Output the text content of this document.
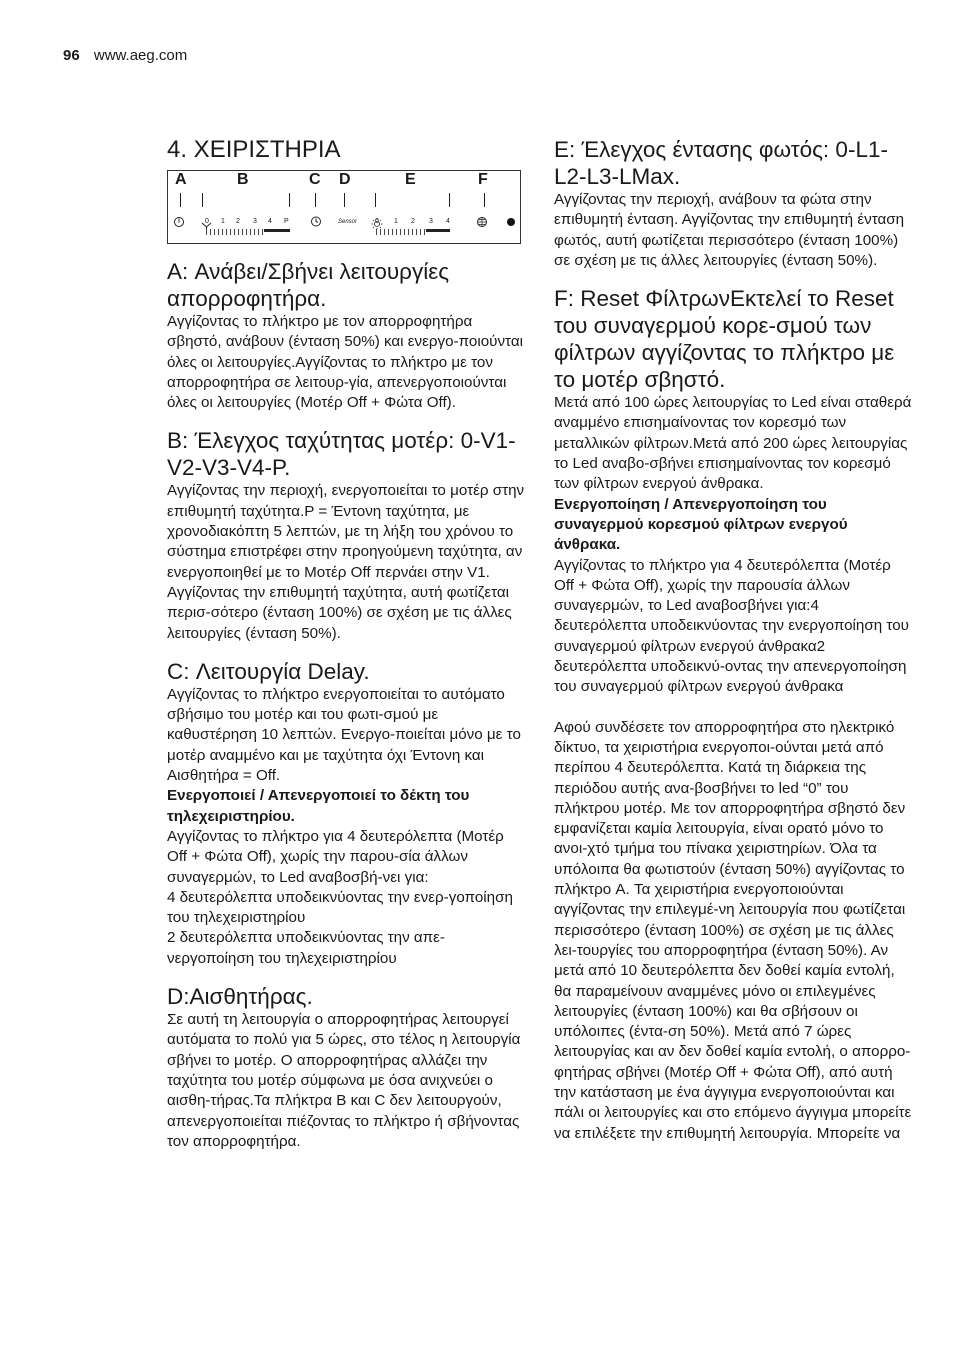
96 www.aeg.com
4. ΧΕΙΡΙΣΤΗΡΙΑ
A	B	C D	E	F
0 1 2 3 4 P	Sensor	0 1 2 3 4
A: Ανάβει/Σβήνει λειτουργίες απορροφητήρα.

Αγγίζοντας το πλήκτρο με τον απορροφητήρα σβηστό, ανάβουν (ένταση 50%) και ενεργο-ποιούνται όλες οι λειτουργίες.Αγγίζοντας το πλήκτρο με τον απορροφητήρα σε λειτουρ-γία, απενεργοποιούνται όλες οι λειτουργίες (Μοτέρ Off + Φώτα Off).

B: Έλεγχος ταχύτητας μοτέρ: 0-V1-V2-V3-V4-P.

Αγγίζοντας την περιοχή, ενεργοποιείται το μοτέρ στην επιθυμητή ταχύτητα.P = Έντονη ταχύτητα, με χρονοδιακόπτη 5 λεπτών, με τη λήξη του χρόνου το σύστημα επιστρέφει στην προηγούμενη ταχύτητα, αν ενεργοποιηθεί με το Μοτέρ Off περνάει στην V1. Αγγίζοντας την επιθυμητή ταχύτητα, αυτή φωτίζεται περισ-σότερο (ένταση 100%) σε σχέση με τις άλλες λειτουργίες (ένταση 50%).

C: Λειτουργία Delay.

Αγγίζοντας το πλήκτρο ενεργοποιείται το αυτόματο σβήσιμο του μοτέρ και του φωτι-σμού με καθυστέρηση 10 λεπτών. Ενεργο-ποιείται μόνο με το μοτέρ αναμμένο και με ταχύτητα όχι Έντονη και Αισθητήρα = Off.

Ενεργοποιεί / Απενεργοποιεί το δέκτη του τηλεχειριστηρίου.

Αγγίζοντας το πλήκτρο για 4 δευτερόλεπτα (Μοτέρ Off + Φώτα Off), χωρίς την παρου-σία άλλων συναγερμών, το Led αναβοσβή-νει για:

4 δευτερόλεπτα υποδεικνύοντας την ενερ-γοποίηση του τηλεχειριστηρίου

2 δευτερόλεπτα υποδεικνύοντας την απε-νεργοποίηση του τηλεχειριστηρίου

D:Αισθητήρας.

Σε αυτή τη λειτουργία ο απορροφητήρας λειτουργεί αυτόματα το πολύ για 5 ώρες, στο τέλος η λειτουργία σβήνει το μοτέρ. Ο απορροφητήρας αλλάζει την ταχύτητα του μοτέρ σύμφωνα με όσα ανιχνεύει ο αισθη-τήρας.Τα πλήκτρα B και C δεν λειτουργούν, απενεργοποιείται πιέζοντας το πλήκτρο ή σβήνοντας τον απορροφητήρα.

E: Έλεγχος έντασης φωτός: 0-L1-L2-L3-LMax.

Αγγίζοντας την περιοχή, ανάβουν τα φώτα στην επιθυμητή ένταση. Αγγίζοντας την επιθυμητή ένταση φωτός, αυτή φωτίζεται περισσότερο (ένταση 100%) σε σχέση με τις άλλες λειτουργίες (ένταση 50%).

F: Reset ΦίλτρωνΕκτελεί το Reset του συναγερμού κορε-σμού των φίλτρων αγγίζοντας το πλήκτρο με το μοτέρ σβηστό.

Μετά από 100 ώρες λειτουργίας το Led είναι σταθερά αναμμένο επισημαίνοντας τον κορεσμό των μεταλλικών φίλτρων.Μετά από 200 ώρες λειτουργίας το Led αναβο-σβήνει επισημαίνοντας τον κορεσμό των φίλτρων ενεργού άνθρακα.

Ενεργοποίηση / Απενεργοποίηση του συναγερμού κορεσμού φίλτρων ενεργού άνθρακα.

Αγγίζοντας το πλήκτρο για 4 δευτερόλεπτα (Μοτέρ Off + Φώτα Off), χωρίς την παρουσία άλλων συναγερμών, το Led αναβοσβήνει για:4 δευτερόλεπτα υποδεικνύοντας την ενεργοποίηση του συναγερμού φίλτρων ενεργού άνθρακα2 δευτερόλεπτα υποδεικνύ-οντας την απενεργοποίηση του συναγερμού φίλτρων ενεργού άνθρακα

Αφού συνδέσετε τον απορροφητήρα στο ηλεκτρικό δίκτυο, τα χειριστήρια ενεργοποι-ούνται μετά από περίπου 4 δευτερόλεπτα. Κατά τη διάρκεια της περιόδου αυτής ανα-βοσβήνει το led “0” του πλήκτρου μοτέρ. Με τον απορροφητήρα σβηστό δεν εμφανίζεται καμία λειτουργία, είναι ορατό μόνο το ανοι-χτό τμήμα του πίνακα χειριστηρίων. Όλα τα υπόλοιπα θα φωτιστούν (ένταση 50%) αγγίζοντας το πλήκτρο A. Τα χειριστήρια ενεργοποιούνται αγγίζοντας την επιλεγμέ-νη λειτουργία που φωτίζεται περισσότερο (ένταση 100%) σε σχέση με τις άλλες λει-τουργίες του απορροφητήρα (ένταση 50%). Αν μετά από 10 δευτερόλεπτα δεν δοθεί καμία εντολή, θα παραμείνουν αναμμένες μόνο οι επιλεγμένες λειτουργίες (ένταση 100%) και θα σβήσουν οι υπόλοιπες (έντα-ση 50%). Μετά από 7 ώρες λειτουργίας και αν δεν δοθεί καμία εντολή, ο απορρο-φητήρας σβήνει (Μοτέρ Off + Φώτα Off), από αυτή την κατάσταση με ένα άγγιγμα ενεργοποιούνται και πάλι οι λειτουργίες και στο επόμενο άγγιγμα μπορείτε να επιλέξετε την επιθυμητή λειτουργία. Μπορείτε να
